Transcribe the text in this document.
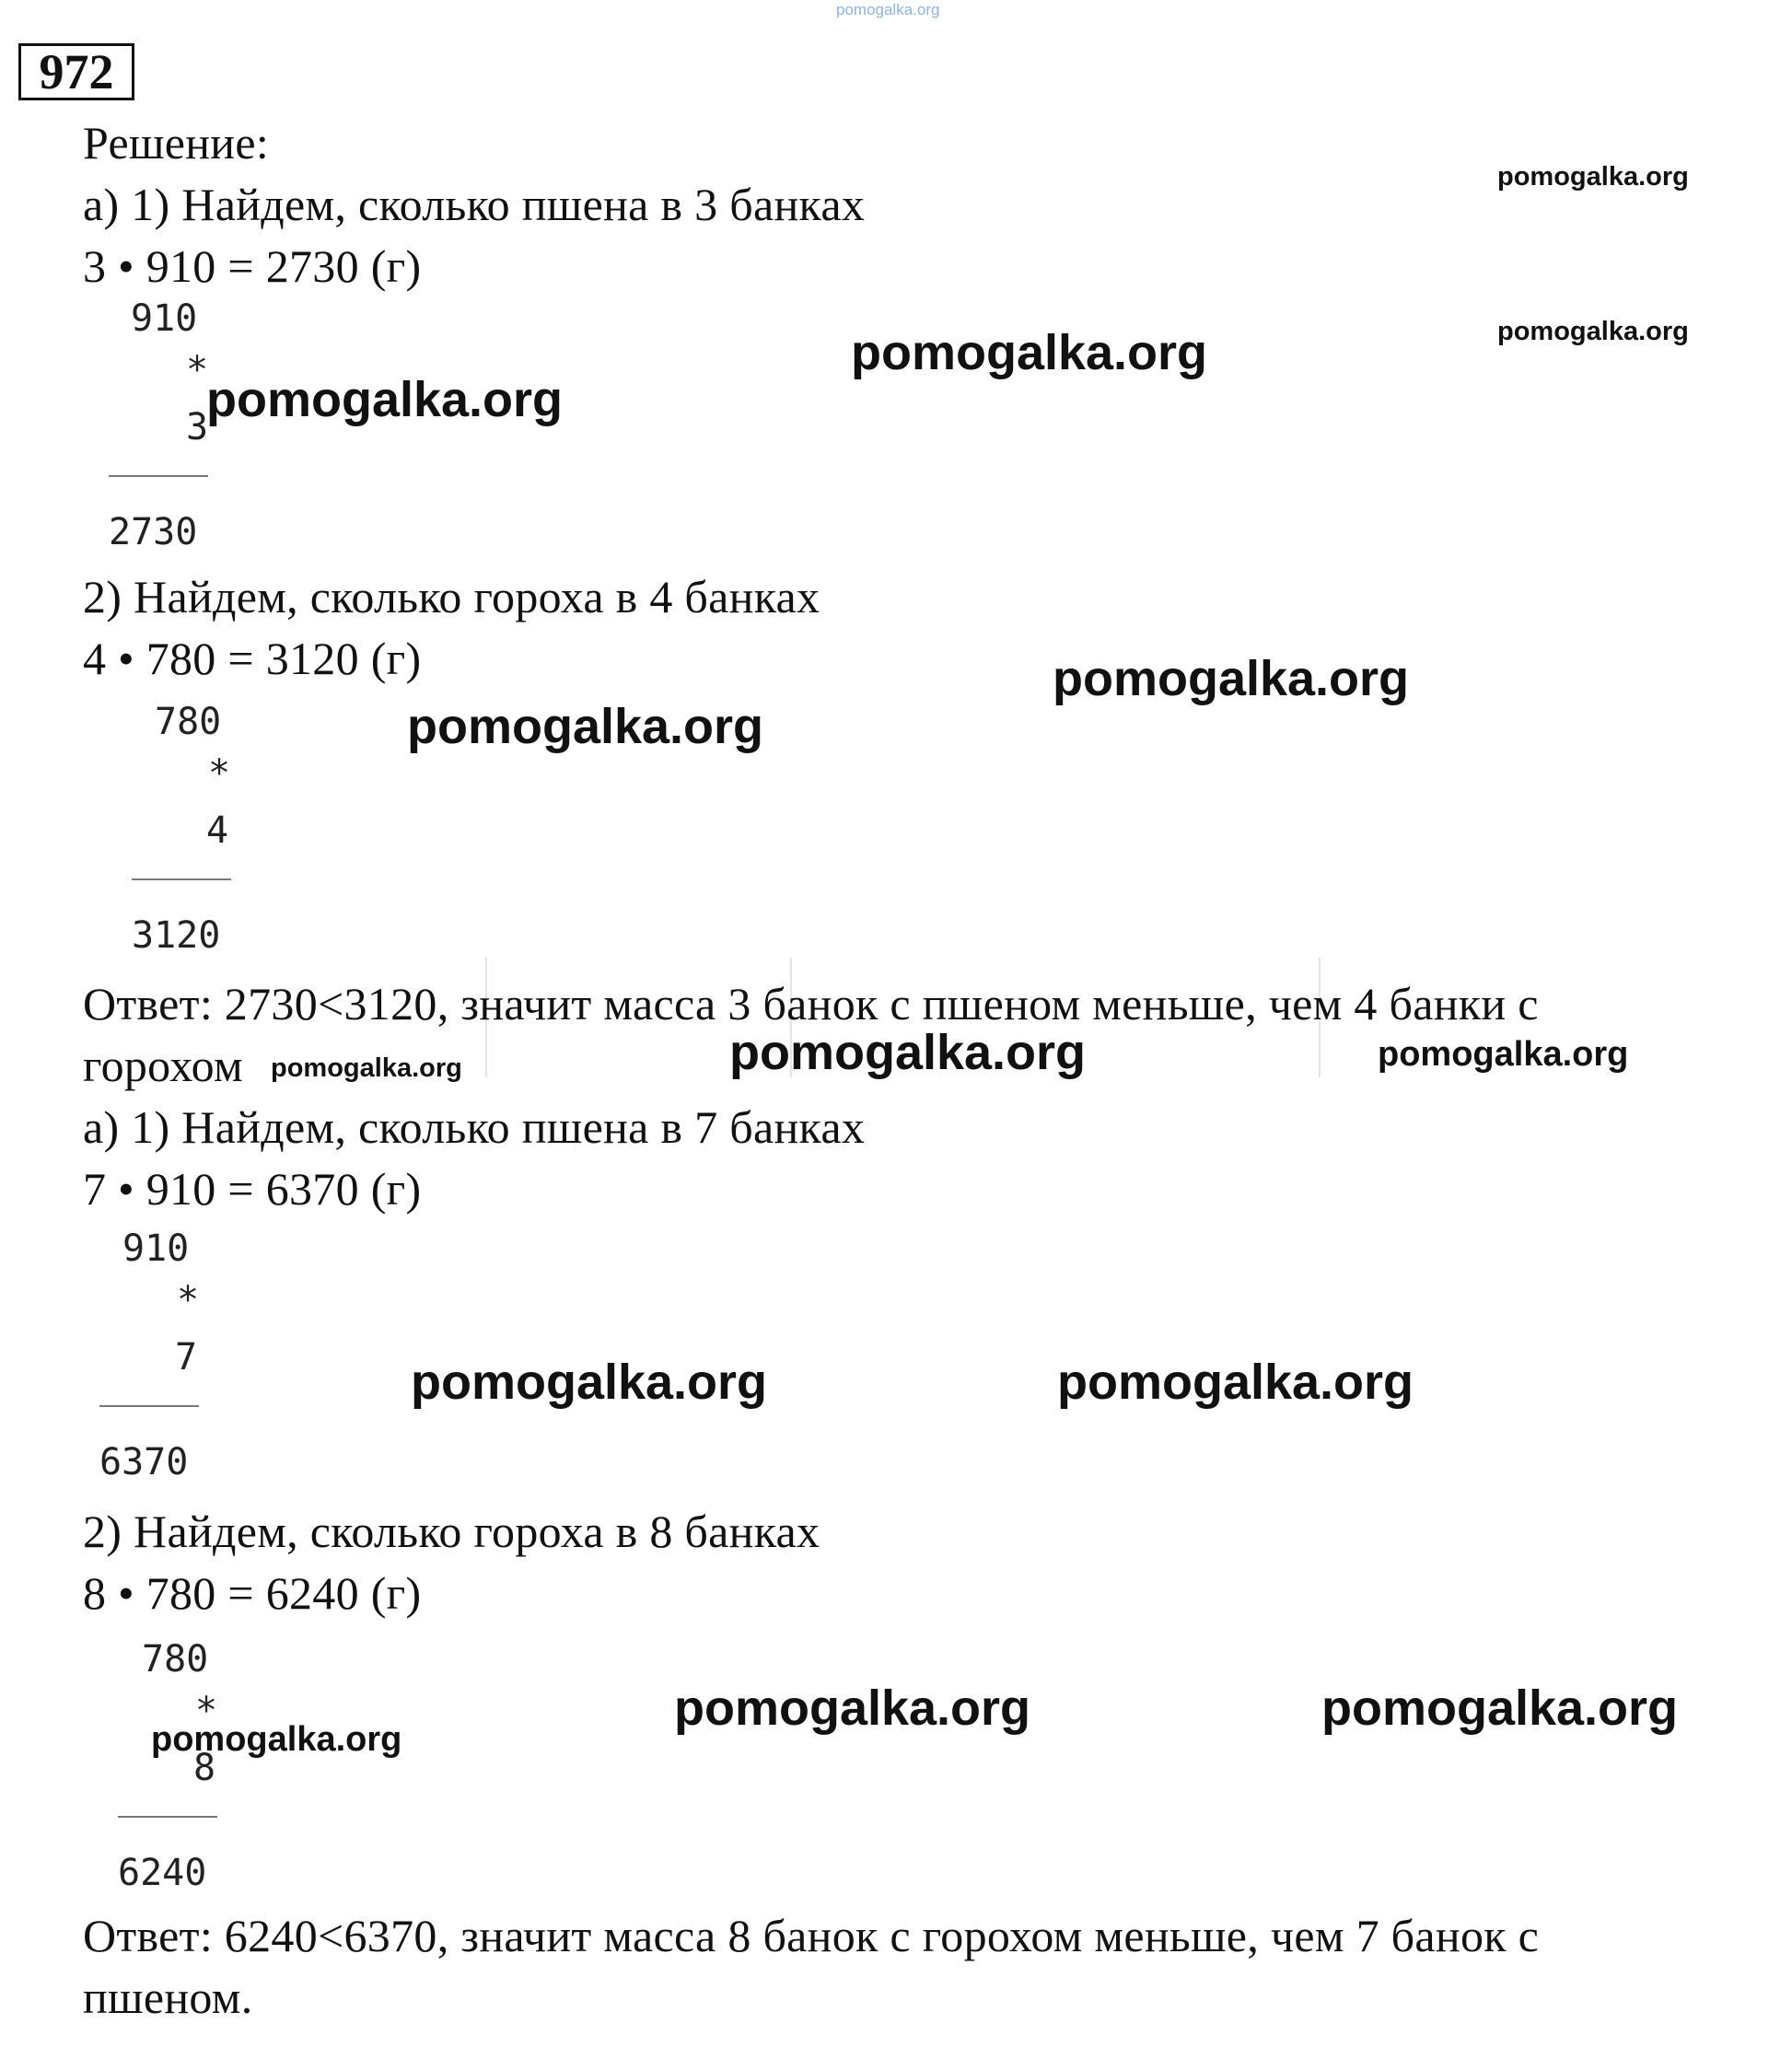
pomogalka.org
972
Решение:
а) 1) Найдем, сколько пшена в 3 банках
3 • 910 = 2730 (г)
910
*
3
2730
2) Найдем, сколько гороха в 4 банках
4 • 780 = 3120 (г)
780
*
4
3120
Ответ: 2730<3120, значит масса 3 банок с пшеном меньше, чем 4 банки с
горохом
а) 1) Найдем, сколько пшена в 7 банках
7 • 910 = 6370 (г)
910
*
7
6370
2) Найдем, сколько гороха в 8 банках
8 • 780 = 6240 (г)
780
*
8
6240
Ответ: 6240<6370, значит масса 8 банок с горохом меньше, чем 7 банок с
пшеном.
pomogalka.org
pomogalka.org
pomogalka.org
pomogalka.org
pomogalka.org
pomogalka.org	pomogalka.org
pomogalka.org	pomogalka.org
pomogalka.org
pomogalka.org
pomogalka.org	pomogalka.org
pomogalka.org
